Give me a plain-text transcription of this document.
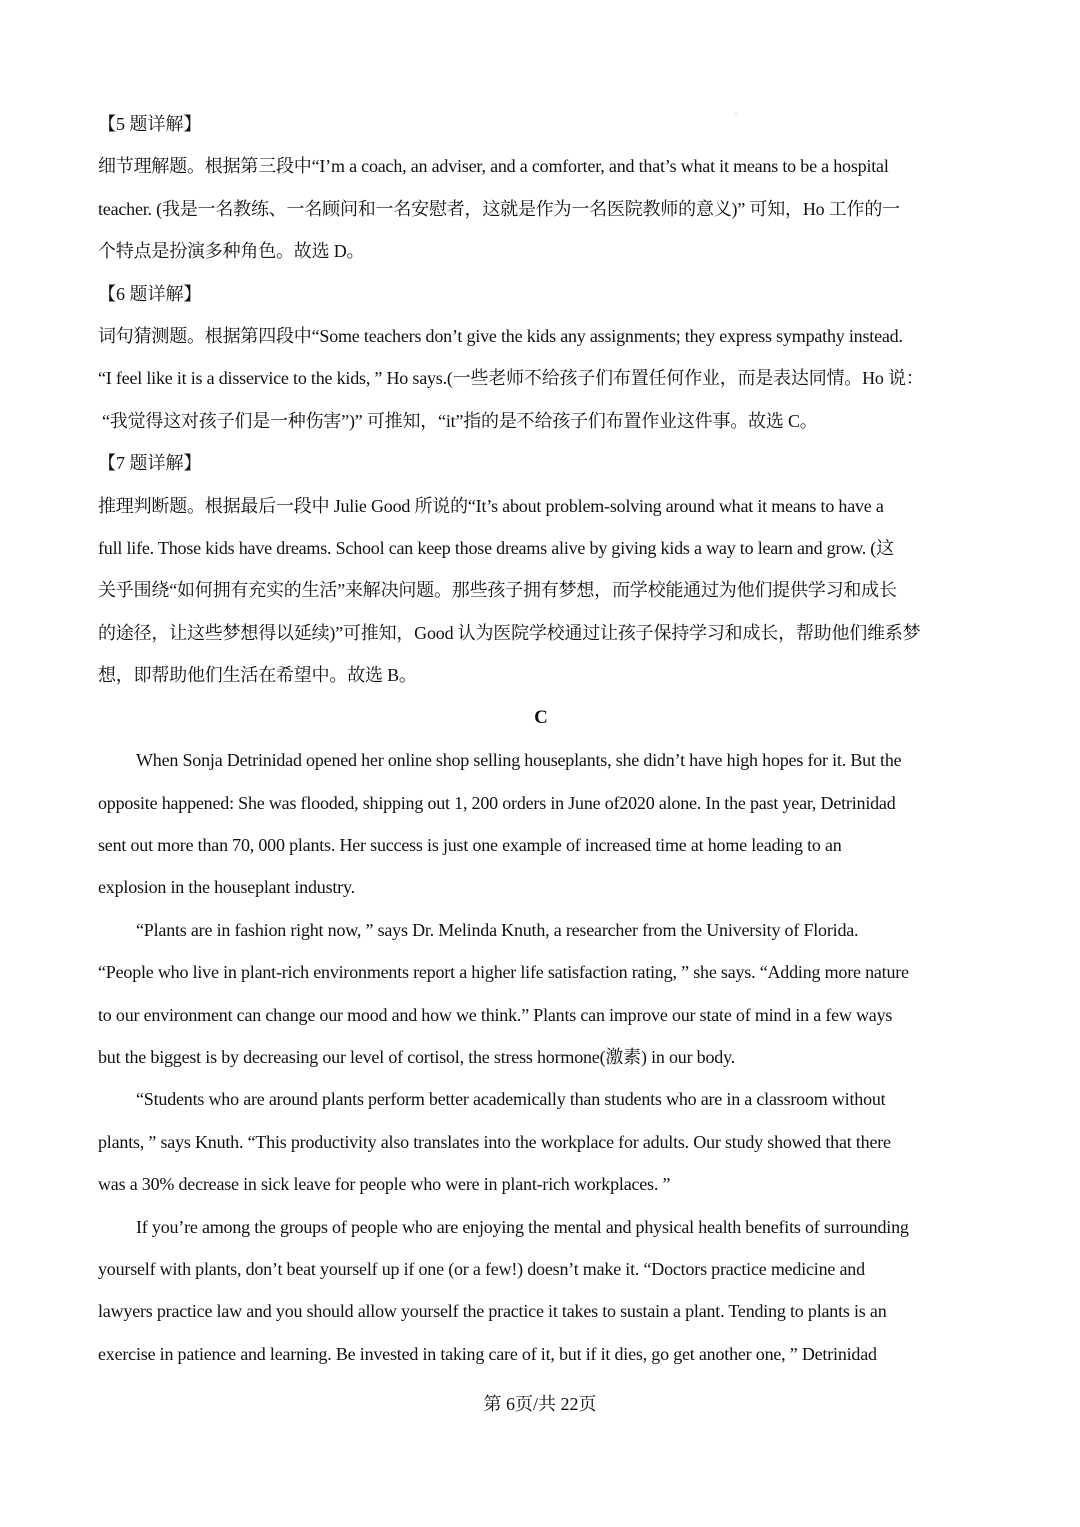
【5 题详解】
细节理解题。根据第三段中“I’m a coach, an adviser, and a comforter, and that’s what it means to be a hospital
teacher. (我是一名教练、一名顾问和一名安慰者，这就是作为一名医院教师的意义)” 可知，Ho 工作的一
个特点是扮演多种角色。故选 D。
【6 题详解】
词句猜测题。根据第四段中“Some teachers don’t give the kids any assignments; they express sympathy instead.
“I feel like it is a disservice to the kids, ” Ho says.(一些老师不给孩子们布置任何作业，而是表达同情。Ho 说：
“我觉得这对孩子们是一种伤害”)” 可推知，“it”指的是不给孩子们布置作业这件事。故选 C。
【7 题详解】
推理判断题。根据最后一段中 Julie Good 所说的“It’s about problem-solving around what it means to have a
full life. Those kids have dreams. School can keep those dreams alive by giving kids a way to learn and grow. (这
关乎围绕“如何拥有充实的生活”来解决问题。那些孩子拥有梦想，而学校能通过为他们提供学习和成长
的途径，让这些梦想得以延续)”可推知，Good 认为医院学校通过让孩子保持学习和成长，帮助他们维系梦
想，即帮助他们生活在希望中。故选 B。
C
When Sonja Detrinidad opened her online shop selling houseplants, she didn’t have high hopes for it. But the
opposite happened: She was flooded, shipping out 1, 200 orders in June of2020 alone. In the past year, Detrinidad
sent out more than 70, 000 plants. Her success is just one example of increased time at home leading to an
explosion in the houseplant industry.
“Plants are in fashion right now, ” says Dr. Melinda Knuth, a researcher from the University of Florida.
“People who live in plant-rich environments report a higher life satisfaction rating, ” she says. “Adding more nature
to our environment can change our mood and how we think.” Plants can improve our state of mind in a few ways
but the biggest is by decreasing our level of cortisol, the stress hormone(激素) in our body.
“Students who are around plants perform better academically than students who are in a classroom without
plants, ” says Knuth. “This productivity also translates into the workplace for adults. Our study showed that there
was a 30% decrease in sick leave for people who were in plant-rich workplaces. ”
If you’re among the groups of people who are enjoying the mental and physical health benefits of surrounding
yourself with plants, don’t beat yourself up if one (or a few!) doesn’t make it. “Doctors practice medicine and
lawyers practice law and you should allow yourself the practice it takes to sustain a plant. Tending to plants is an
exercise in patience and learning. Be invested in taking care of it, but if it dies, go get another one, ” Detrinidad
第 6页/共 22页
